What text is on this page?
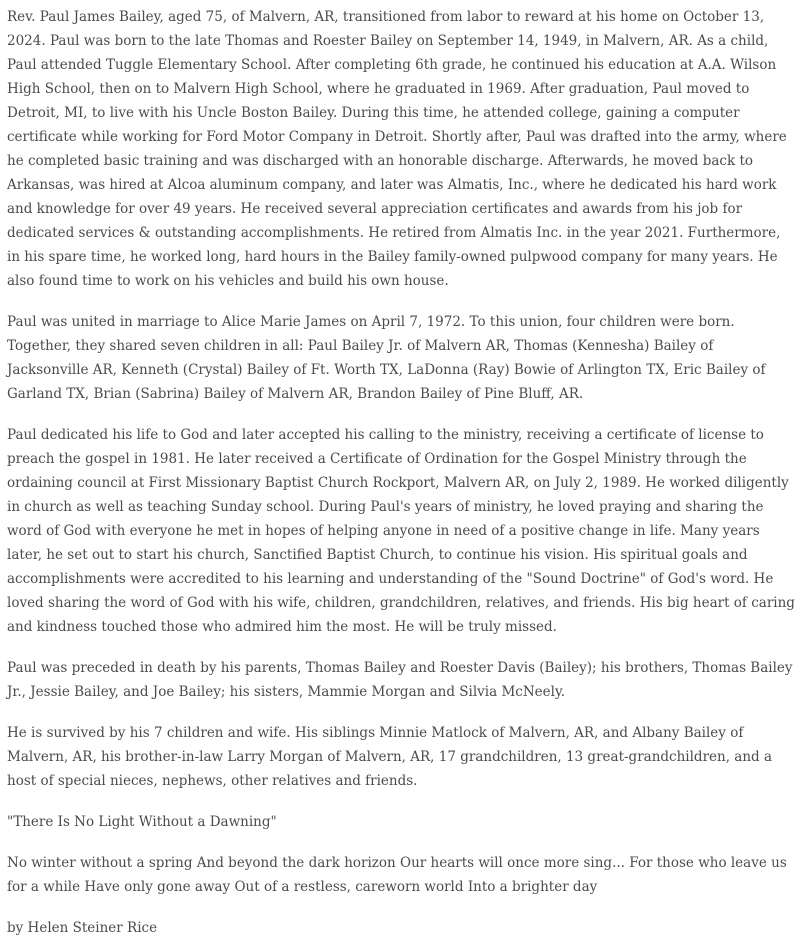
Rev. Paul James Bailey, aged 75, of Malvern, AR, transitioned from labor to reward at his home on October 13, 2024. Paul was born to the late Thomas and Roester Bailey on September 14, 1949, in Malvern, AR. As a child, Paul attended Tuggle Elementary School. After completing 6th grade, he continued his education at A.A. Wilson High School, then on to Malvern High School, where he graduated in 1969. After graduation, Paul moved to Detroit, MI, to live with his Uncle Boston Bailey. During this time, he attended college, gaining a computer certificate while working for Ford Motor Company in Detroit. Shortly after, Paul was drafted into the army, where he completed basic training and was discharged with an honorable discharge. Afterwards, he moved back to Arkansas, was hired at Alcoa aluminum company, and later was Almatis, Inc., where he dedicated his hard work and knowledge for over 49 years. He received several appreciation certificates and awards from his job for dedicated services & outstanding accomplishments. He retired from Almatis Inc. in the year 2021. Furthermore, in his spare time, he worked long, hard hours in the Bailey family-owned pulpwood company for many years. He also found time to work on his vehicles and build his own house.

Paul was united in marriage to Alice Marie James on April 7, 1972. To this union, four children were born. Together, they shared seven children in all: Paul Bailey Jr. of Malvern AR, Thomas (Kennesha) Bailey of Jacksonville AR, Kenneth (Crystal) Bailey of Ft. Worth TX, LaDonna (Ray) Bowie of Arlington TX, Eric Bailey of Garland TX, Brian (Sabrina) Bailey of Malvern AR, Brandon Bailey of Pine Bluff, AR.

Paul dedicated his life to God and later accepted his calling to the ministry, receiving a certificate of license to preach the gospel in 1981. He later received a Certificate of Ordination for the Gospel Ministry through the ordaining council at First Missionary Baptist Church Rockport, Malvern AR, on July 2, 1989. He worked diligently in church as well as teaching Sunday school. During Paul's years of ministry, he loved praying and sharing the word of God with everyone he met in hopes of helping anyone in need of a positive change in life. Many years later, he set out to start his church, Sanctified Baptist Church, to continue his vision. His spiritual goals and accomplishments were accredited to his learning and understanding of the "Sound Doctrine" of God's word. He loved sharing the word of God with his wife, children, grandchildren, relatives, and friends. His big heart of caring and kindness touched those who admired him the most. He will be truly missed.

Paul was preceded in death by his parents, Thomas Bailey and Roester Davis (Bailey); his brothers, Thomas Bailey Jr., Jessie Bailey, and Joe Bailey; his sisters, Mammie Morgan and Silvia McNeely.

He is survived by his 7 children and wife. His siblings Minnie Matlock of Malvern, AR, and Albany Bailey of Malvern, AR, his brother-in-law Larry Morgan of Malvern, AR, 17 grandchildren, 13 great-grandchildren, and a host of special nieces, nephews, other relatives and friends.

"There Is No Light Without a Dawning"

No winter without a spring And beyond the dark horizon Our hearts will once more sing... For those who leave us for a while Have only gone away Out of a restless, careworn world Into a brighter day

by Helen Steiner Rice
